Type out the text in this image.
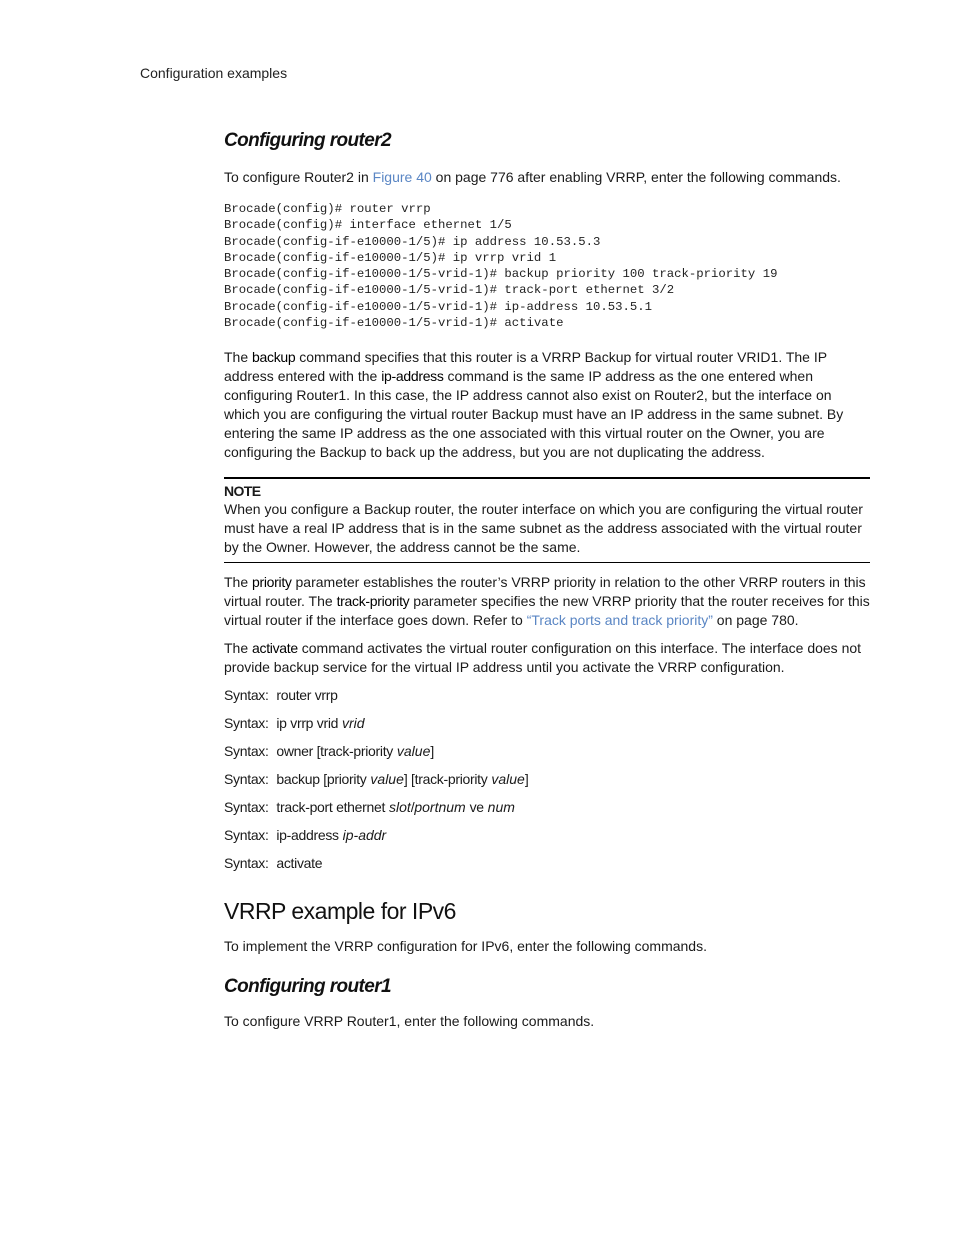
Configuration examples
Configuring router2

To configure Router2 in Figure 40 on page 776 after enabling VRRP, enter the following commands.

Brocade(config)# router vrrp
Brocade(config)# interface ethernet 1/5
Brocade(config-if-e10000-1/5)# ip address 10.53.5.3
Brocade(config-if-e10000-1/5)# ip vrrp vrid 1
Brocade(config-if-e10000-1/5-vrid-1)# backup priority 100 track-priority 19
Brocade(config-if-e10000-1/5-vrid-1)# track-port ethernet 3/2
Brocade(config-if-e10000-1/5-vrid-1)# ip-address 10.53.5.1
Brocade(config-if-e10000-1/5-vrid-1)# activate

The backup command specifies that this router is a VRRP Backup for virtual router VRID1. The IP address entered with the ip-address command is the same IP address as the one entered when configuring Router1. In this case, the IP address cannot also exist on Router2, but the interface on which you are configuring the virtual router Backup must have an IP address in the same subnet. By entering the same IP address as the one associated with this virtual router on the Owner, you are configuring the Backup to back up the address, but you are not duplicating the address.

NOTE

When you configure a Backup router, the router interface on which you are configuring the virtual router must have a real IP address that is in the same subnet as the address associated with the virtual router by the Owner. However, the address cannot be the same.

The priority parameter establishes the router’s VRRP priority in relation to the other VRRP routers in this virtual router. The track-priority parameter specifies the new VRRP priority that the router receives for this virtual router if the interface goes down. Refer to “Track ports and track priority” on page 780.

The activate command activates the virtual router configuration on this interface. The interface does not provide backup service for the virtual IP address until you activate the VRRP configuration.

Syntax: router vrrp

Syntax: ip vrrp vrid vrid

Syntax: owner [track-priority value]

Syntax: backup [priority value] [track-priority value]

Syntax: track-port ethernet slot/portnum ve num

Syntax: ip-address ip-addr

Syntax: activate

VRRP example for IPv6

To implement the VRRP configuration for IPv6, enter the following commands.

Configuring router1

To configure VRRP Router1, enter the following commands.
